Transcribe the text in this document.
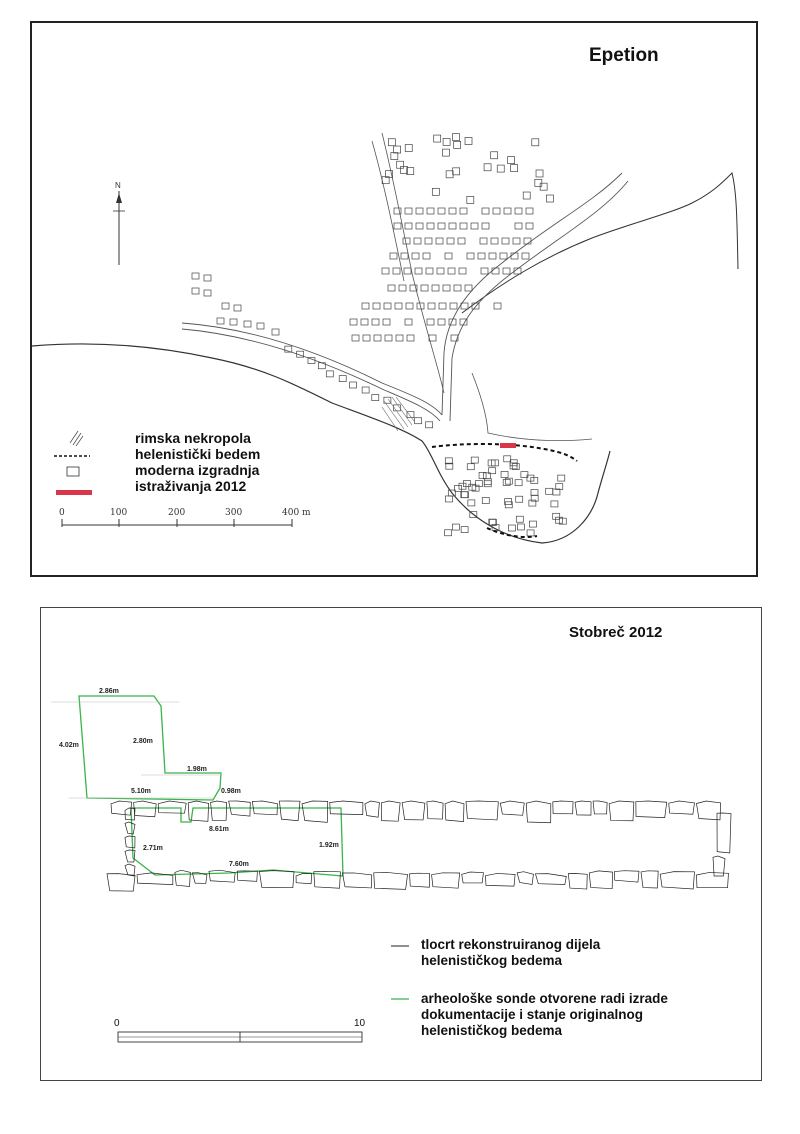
Epetion
N
rimska nekropola
helenistički bedem
moderna izgradnja
istraživanja 2012
0	100	200	300	400 m
Stobreč 2012
2.86m
4.02m
2.80m
1.98m
0.98m
5.10m
8.61m
2.71m	1.92m
7.60m
tlocrt rekonstruiranog dijela helenističkog bedema
arheološke sonde otvorene radi izrade dokumentacije i stanje originalnog helenističkog bedema
0	10
